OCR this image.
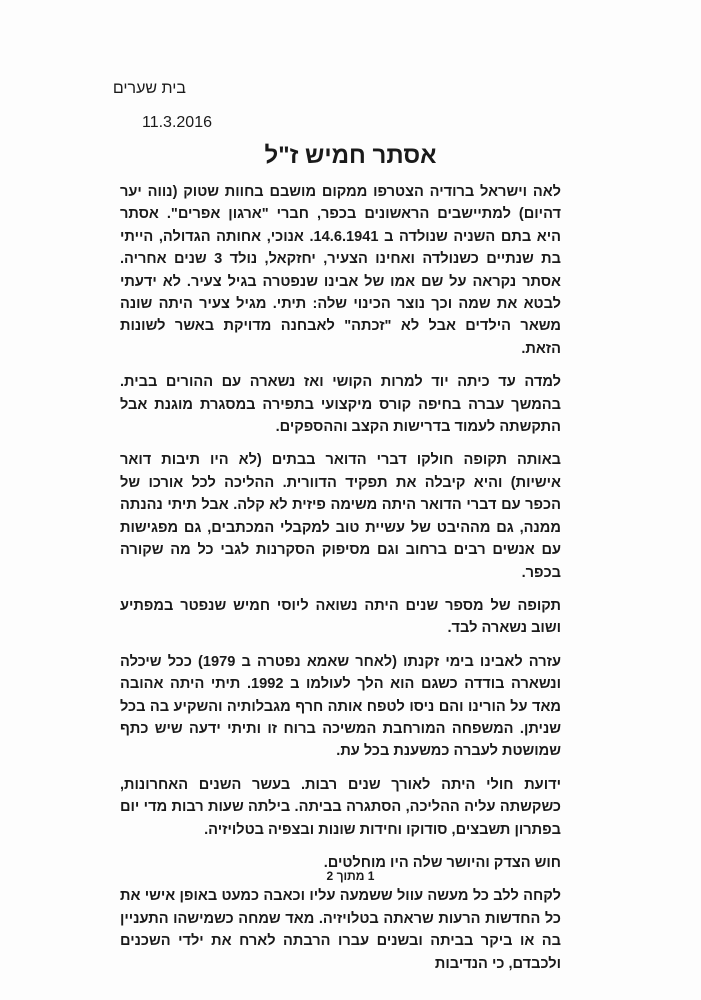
בית שערים
11.3.2016
אסתר חמיש ז"ל

לאה וישראל ברודיה הצטרפו ממקום מושבם בחוות שטוק (נווה יער דהיום) למתיישבים הראשונים בכפר, חברי "ארגון אפרים". אסתר היא בתם השניה שנולדה ב 14.6.1941. אנוכי, אחותה הגדולה, הייתי בת שנתיים כשנולדה ואחינו הצעיר, יחזקאל, נולד 3 שנים אחריה. אסתר נקראה על שם אמו של אבינו שנפטרה בגיל צעיר. לא ידעתי לבטא את שמה וכך נוצר הכינוי שלה: תיתי. מגיל צעיר היתה שונה משאר הילדים אבל לא "זכתה" לאבחנה מדויקת באשר לשונות הזאת.

למדה עד כיתה יוד למרות הקושי ואז נשארה עם ההורים בבית. בהמשך עברה בחיפה קורס מיקצועי בתפירה במסגרת מוגנת אבל התקשתה לעמוד בדרישות הקצב וההספקים.

באותה תקופה חולקו דברי הדואר בבתים (לא היו תיבות דואר אישיות) והיא קיבלה את תפקיד הדוורית. ההליכה לכל אורכו של הכפר עם דברי הדואר היתה משימה פיזית לא קלה. אבל תיתי נהנתה ממנה, גם מההיבט של עשיית טוב למקבלי המכתבים, גם מפגישות עם אנשים רבים ברחוב וגם מסיפוק הסקרנות לגבי כל מה שקורה בכפר.

תקופה של מספר שנים היתה נשואה ליוסי חמיש שנפטר במפתיע ושוב נשארה לבד.

עזרה לאבינו בימי זקנתו (לאחר שאמא נפטרה ב 1979) ככל שיכלה ונשארה בודדה כשגם הוא הלך לעולמו ב 1992. תיתי היתה אהובה מאד על הורינו והם ניסו לטפח אותה חרף מגבלותיה והשקיע בה בכל שניתן. המשפחה המורחבת המשיכה ברוח זו ותיתי ידעה שיש כתף שמושטת לעברה כמשענת בכל עת.

ידועת חולי היתה לאורך שנים רבות. בעשר השנים האחרונות, כשקשתה עליה ההליכה, הסתגרה בביתה. בילתה שעות רבות מדי יום בפתרון תשבצים, סודוקו וחידות שונות ובצפיה בטלויזיה.

חוש הצדק והיושר שלה היו מוחלטים.

לקחה ללב כל מעשה עוול ששמעה עליו וכאבה כמעט באופן אישי את כל החדשות הרעות שראתה בטלויזיה. מאד שמחה כשמישהו התעניין בה או ביקר בביתה ובשנים עברו הרבתה לארח את ילדי השכנים ולכבדם, כי הנדיבות

1 מתוך 2
